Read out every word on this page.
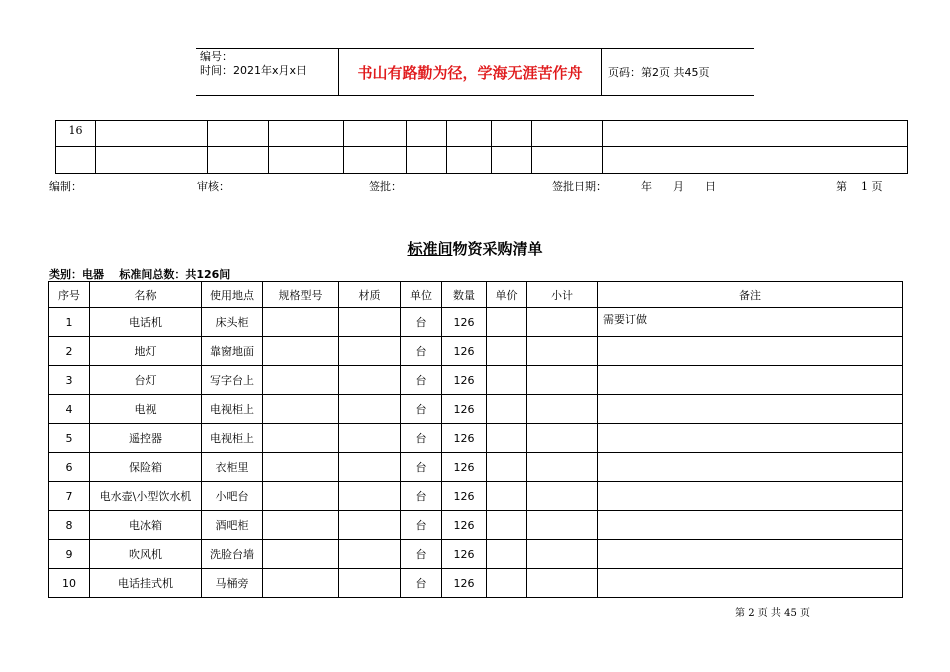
编号：
时间：2021年x月x日	书山有路勤为径，学海无涯苦作舟	页码：第2页 共45页
16									

编制：	审核：	签批：	签批日期：	年      月      日	第    1 页
标准间物资采购清单
类别：电器    标准间总数：共126间
序号	名称	使用地点	规格型号	材质	单位	数量	单价	小计	备注
1	电话机	床头柜			台	126			需要订做
2	地灯	靠窗地面			台	126			
3	台灯	写字台上			台	126			
4	电视	电视柜上			台	126			
5	遥控器	电视柜上			台	126			
6	保险箱	衣柜里			台	126			
7	电水壶\小型饮水机	小吧台			台	126			
8	电冰箱	酒吧柜			台	126			
9	吹风机	洗脸台墙			台	126			
10	电话挂式机	马桶旁			台	126			
第 2 页 共 45 页
